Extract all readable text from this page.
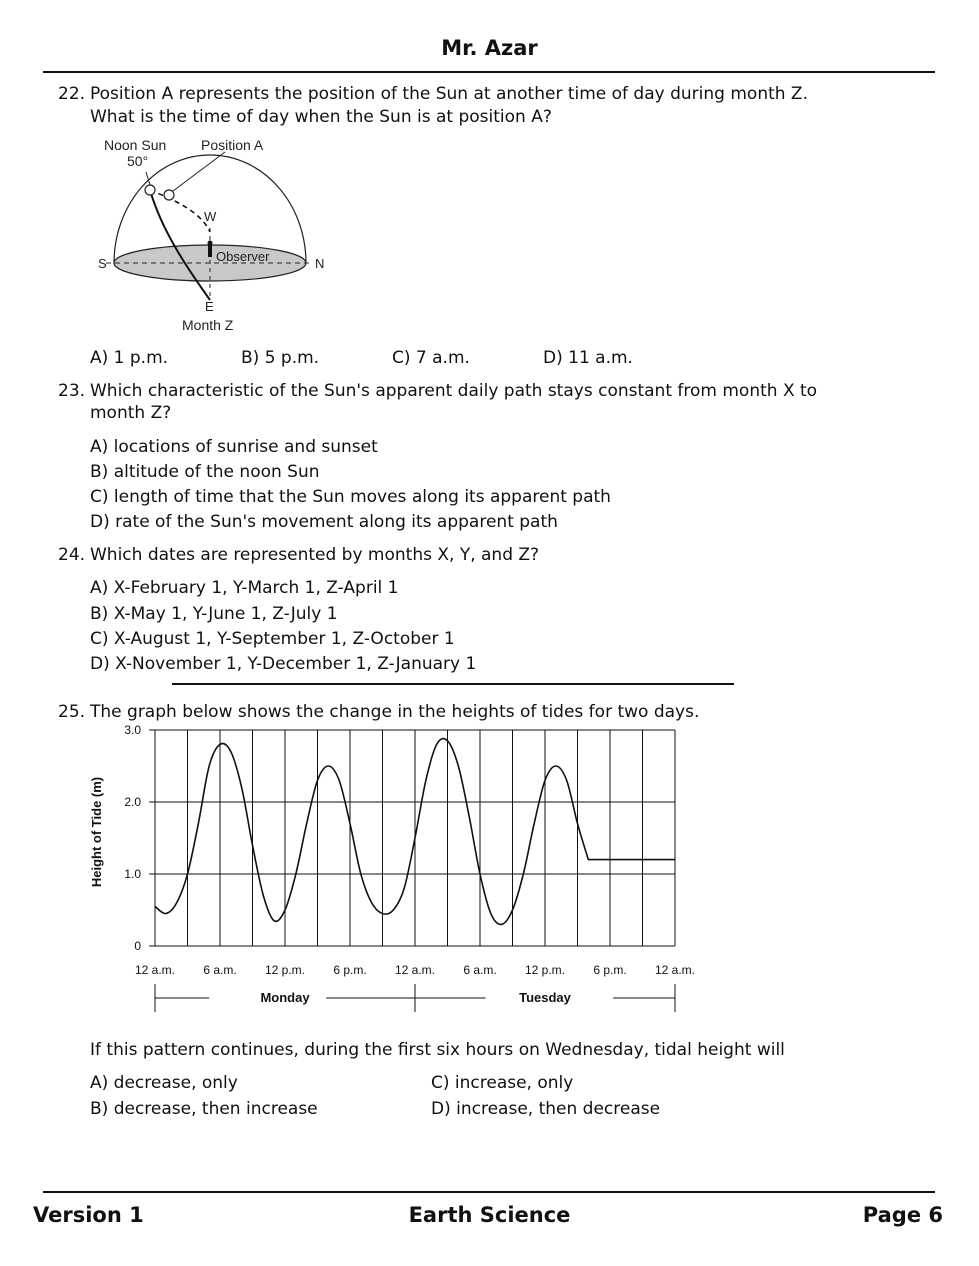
Mr. Azar
22. Position A represents the position of the Sun at another time of day during month Z.
What is the time of day when the Sun is at position A?
Noon Sun
50°
Position A
W
Observer
S	N
E
Month Z
A) 1 p.m.	B) 5 p.m.	C) 7 a.m.	D) 11 a.m.
23. Which characteristic of the Sun's apparent daily path stays constant from month X to
month Z?
A) locations of sunrise and sunset
B) altitude of the noon Sun
C) length of time that the Sun moves along its apparent path
D) rate of the Sun's movement along its apparent path
24. Which dates are represented by months X, Y, and Z?
A) X-February 1, Y-March 1, Z-April 1
B) X-May 1, Y-June 1, Z-July 1
C) X-August 1, Y-September 1, Z-October 1
D) X-November 1, Y-December 1, Z-January 1
25. The graph below shows the change in the heights of tides for two days.
0
1.0
2.0
3.0
12 a.m. 6 a.m. 12 p.m. 6 p.m. 12 a.m. 6 a.m. 12 p.m. 6 p.m. 12 a.m.
Monday	Tuesday
Height of Tide (m)
If this pattern continues, during the first six hours on Wednesday, tidal height will
A) decrease, only
B) decrease, then increase
C) increase, only
D) increase, then decrease
Version 1	Earth Science	Page 6
